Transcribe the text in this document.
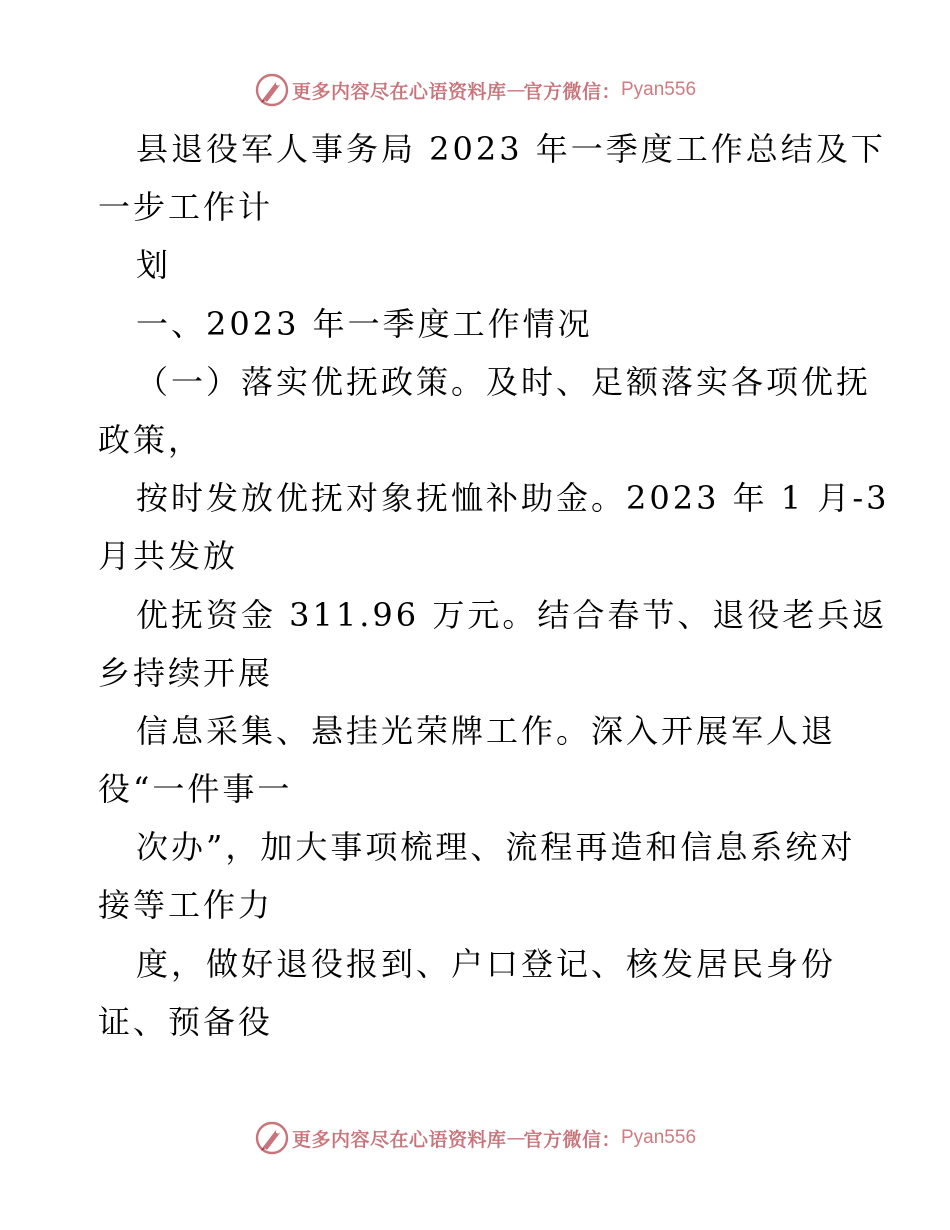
更多内容尽在心语资料库 — 官方微信： Pyan556
县退役军人事务局 2023 年一季度工作总结及下
一步工作计
划
一、2023 年一季度工作情况
（一）落实优抚政策。及时、足额落实各项优抚
政策，
按时发放优抚对象抚恤补助金。2023 年 1 月-3
月共发放
优抚资金 311.96 万元。结合春节、退役老兵返
乡持续开展
信息采集、悬挂光荣牌工作。深入开展军人退
役“一件事一
次办”，加大事项梳理、流程再造和信息系统对
接等工作力
度，做好退役报到、户口登记、核发居民身份
证、预备役
更多内容尽在心语资料库 — 官方微信： Pyan556
